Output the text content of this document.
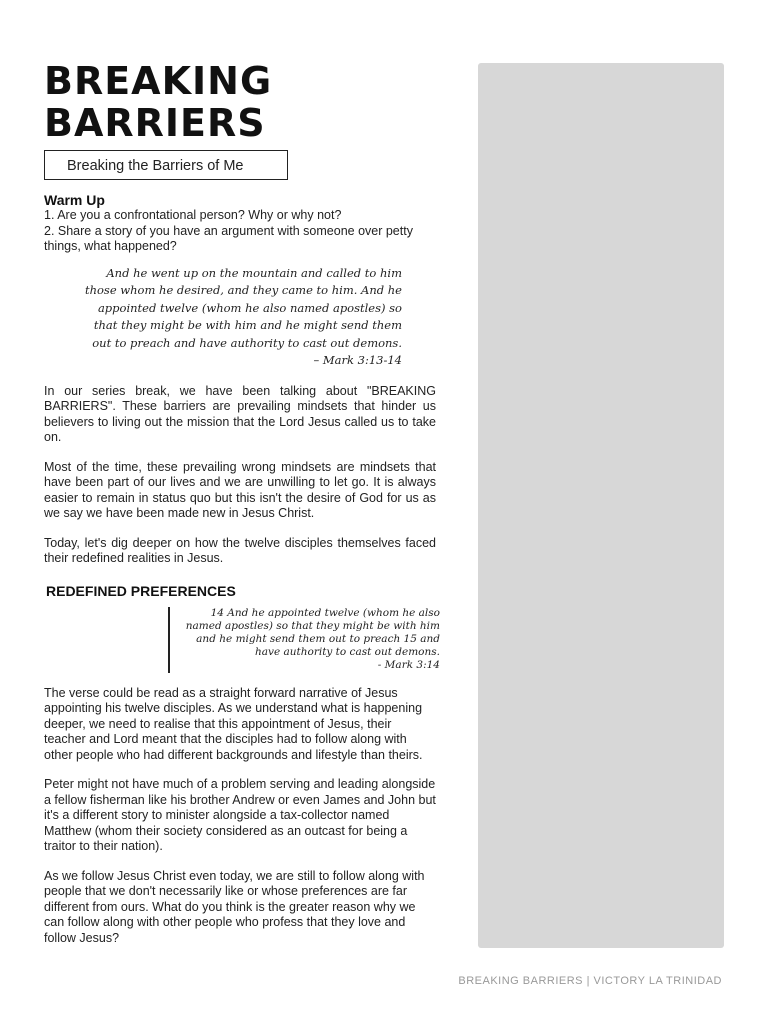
BREAKING
BARRIERS
Breaking the Barriers of Me
Warm Up

1. Are you a confrontational person? Why or why not?

2. Share a story of you have an argument with someone over petty things, what happened?

And he went up on the mountain and called to him those whom he desired, and they came to him. And he appointed twelve (whom he also named apostles) so that they might be with him and he might send them out to preach and have authority to cast out demons.
– Mark 3:13-14

In our series break, we have been talking about "BREAKING BARRIERS". These barriers are prevailing mindsets that hinder us believers to living out the mission that the Lord Jesus called us to take on.

Most of the time, these prevailing wrong mindsets are mindsets that have been part of our lives and we are unwilling to let go. It is always easier to remain in status quo but this isn't the desire of God for us as we say we have been made new in Jesus Christ.

Today, let's dig deeper on how the twelve disciples themselves faced their redefined realities in Jesus.

REDEFINED PREFERENCES
14 And he appointed twelve (whom he also named apostles) so that they might be with him and he might send them out to preach 15 and have authority to cast out demons.
- Mark 3:14

The verse could be read as a straight forward narrative of Jesus appointing his twelve disciples. As we understand what is happening deeper, we need to realise that this appointment of Jesus, their teacher and Lord meant that the disciples had to follow along with other people who had different backgrounds and lifestyle than theirs.

Peter might not have much of a problem serving and leading alongside a fellow fisherman like his brother Andrew or even James and John but it's a different story to minister alongside a tax-collector named Matthew (whom their society considered as an outcast for being a traitor to their nation).

As we follow Jesus Christ even today, we are still to follow along with people that we don't necessarily like or whose preferences are far different from ours. What do you think is the greater reason why we can follow along with other people who profess that they love and follow Jesus?

BREAKING BARRIERS | VICTORY LA TRINIDAD
